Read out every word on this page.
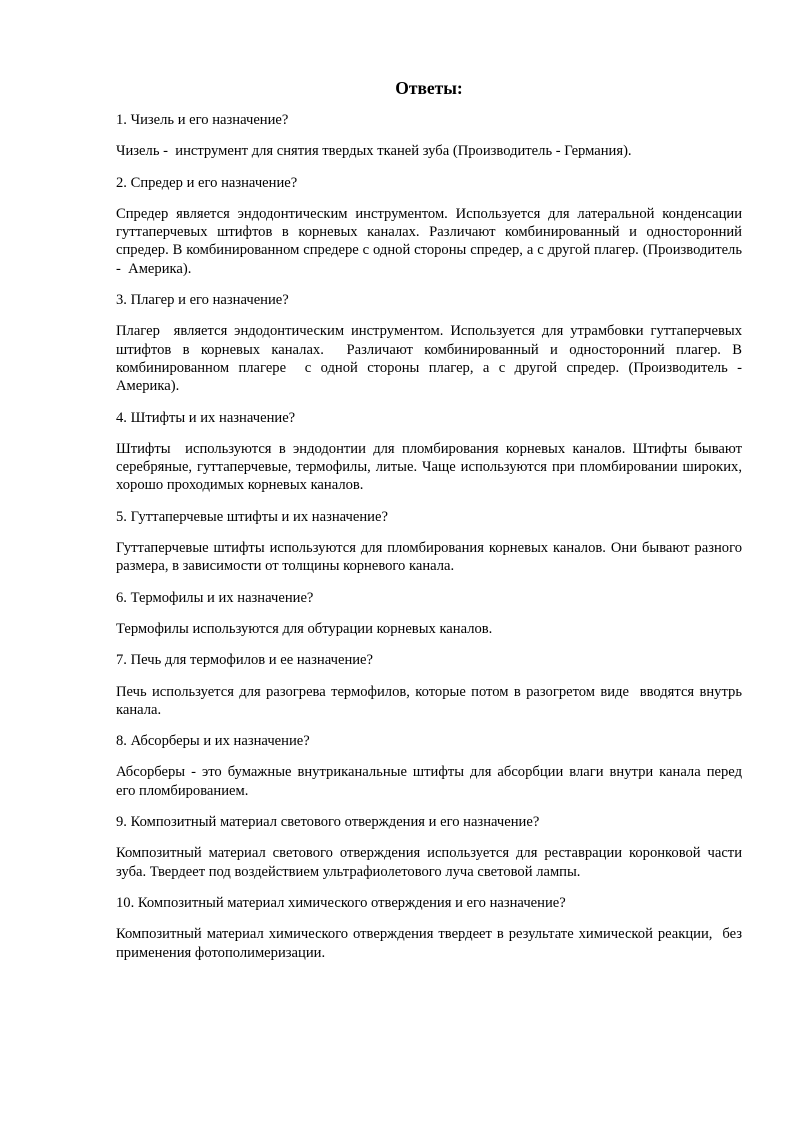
Ответы:

1. Чизель и его назначение?

Чизель -  инструмент для снятия твердых тканей зуба (Производитель - Германия).

2. Спредер и его назначение?

Спредер является эндодонтическим инструментом. Используется для латеральной конденсации гуттаперчевых штифтов в корневых каналах. Различают комбинированный и односторонний спредер. В комбинированном спредере с одной стороны спредер, а с другой плагер. (Производитель -  Америка).

3. Плагер и его назначение?

Плагер  является эндодонтическим инструментом. Используется для утрамбовки гуттаперчевых штифтов в корневых каналах.  Различают комбинированный и односторонний плагер. В комбинированном плагере  с одной стороны плагер, а с другой спредер. (Производитель -  Америка).

4. Штифты и их назначение?

Штифты  используются в эндодонтии для пломбирования корневых каналов. Штифты бывают серебряные, гуттаперчевые, термофилы, литые. Чаще используются при пломбировании широких, хорошо проходимых корневых каналов.

5. Гуттаперчевые штифты и их назначение?

Гуттаперчевые штифты используются для пломбирования корневых каналов. Они бывают разного размера, в зависимости от толщины корневого канала.

6. Термофилы и их назначение?

Термофилы используются для обтурации корневых каналов.

7. Печь для термофилов и ее назначение?

Печь используется для разогрева термофилов, которые потом в разогретом виде  вводятся внутрь канала.

8. Абсорберы и их назначение?

Абсорберы - это бумажные внутриканальные штифты для абсорбции влаги внутри канала перед  его пломбированием.

9. Композитный материал светового отверждения и его назначение?

Композитный материал светового отверждения используется для реставрации коронковой части зуба. Твердеет под воздействием ультрафиолетового луча световой лампы.

10. Композитный материал химического отверждения и его назначение?

Композитный материал химического отверждения твердеет в результате химической реакции,  без применения фотополимеризации.
